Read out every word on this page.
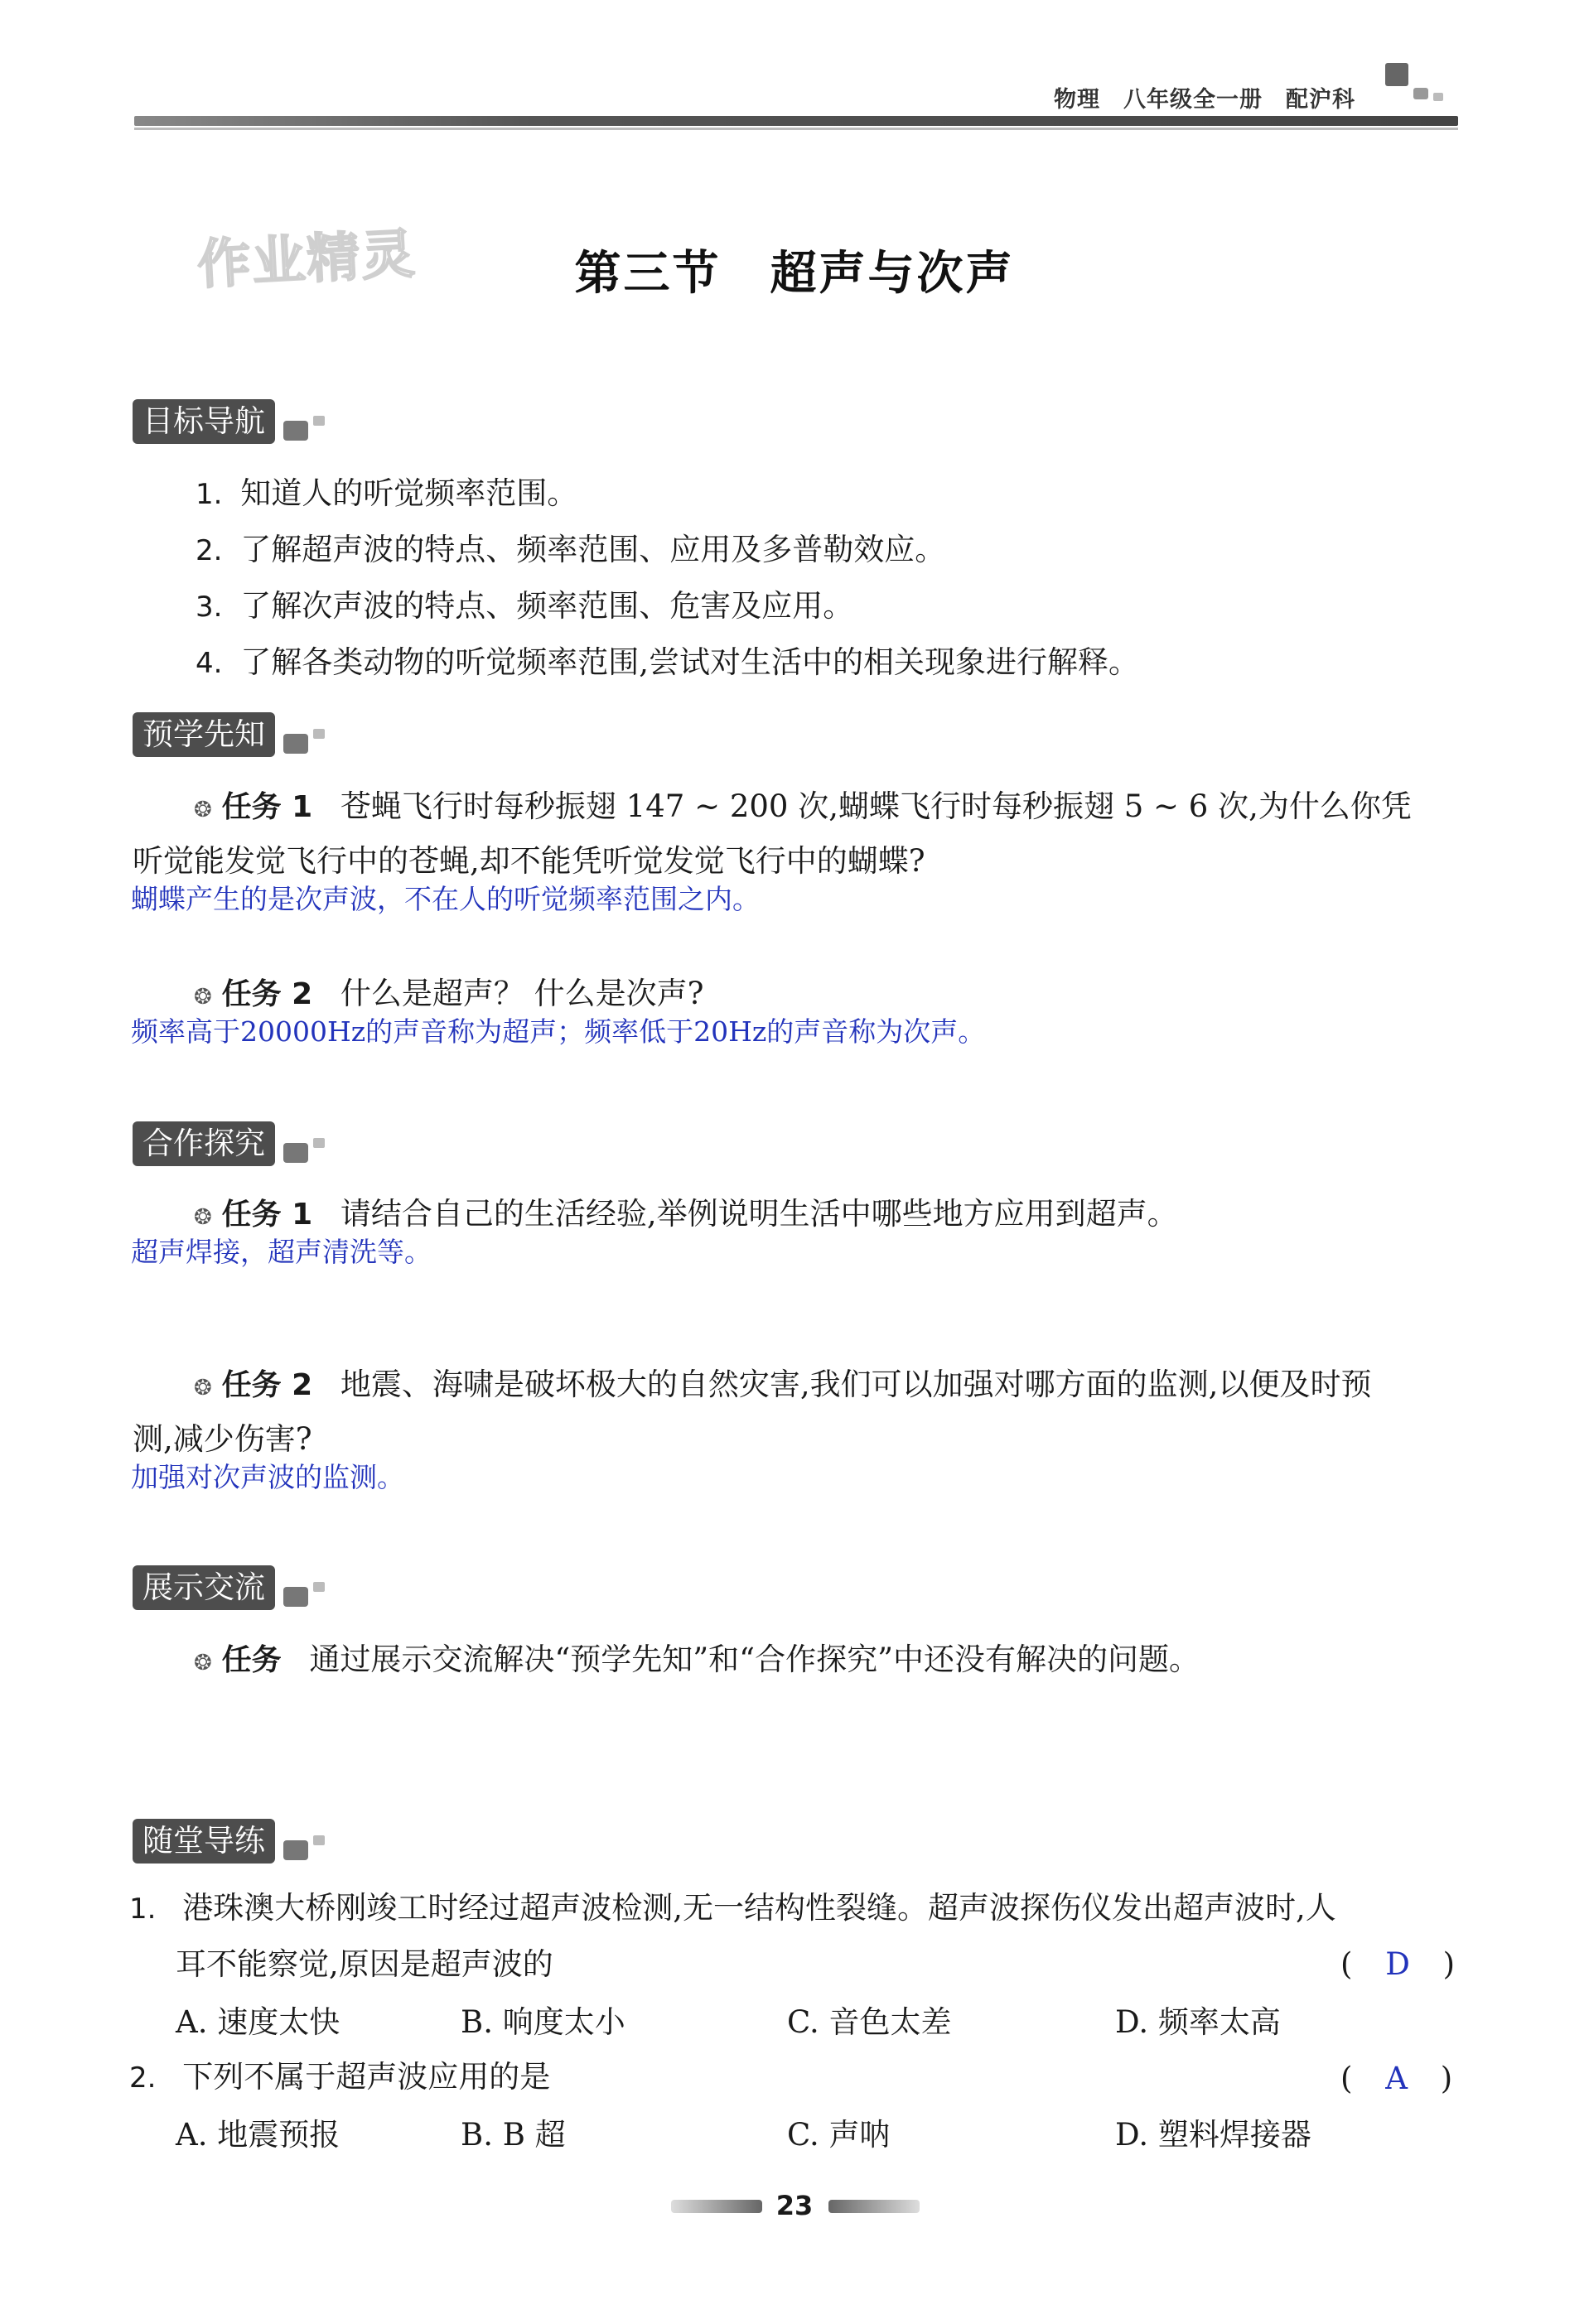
物理　八年级全一册　配沪科
作业精灵	第三节　超声与次声
目标导航
1. 知道人的听觉频率范围。
2. 了解超声波的特点、频率范围、应用及多普勒效应。
3. 了解次声波的特点、频率范围、危害及应用。
4. 了解各类动物的听觉频率范围,尝试对生活中的相关现象进行解释。
预学先知
❂ 任务 1 苍蝇飞行时每秒振翅 147 ~ 200 次,蝴蝶飞行时每秒振翅 5 ~ 6 次,为什么你凭
听觉能发觉飞行中的苍蝇,却不能凭听觉发觉飞行中的蝴蝶?
蝴蝶产生的是次声波，不在人的听觉频率范围之内。
❂ 任务 2 什么是超声？ 什么是次声?
频率高于20000Hz的声音称为超声；频率低于20Hz的声音称为次声。
合作探究
❂ 任务 1 请结合自己的生活经验,举例说明生活中哪些地方应用到超声。
超声焊接，超声清洗等。
❂ 任务 2 地震、海啸是破坏极大的自然灾害,我们可以加强对哪方面的监测,以便及时预
测,减少伤害?
加强对次声波的监测。
展示交流
❂ 任务 通过展示交流解决“预学先知”和“合作探究”中还没有解决的问题。
随堂导练
1. 港珠澳大桥刚竣工时经过超声波检测,无一结构性裂缝。超声波探伤仪发出超声波时,人
耳不能察觉,原因是超声波的	( D )
A. 速度太快	B. 响度太小	C. 音色太差	D. 频率太高
2. 下列不属于超声波应用的是	( A )
A. 地震预报	B. B 超	C. 声呐	D. 塑料焊接器
23
